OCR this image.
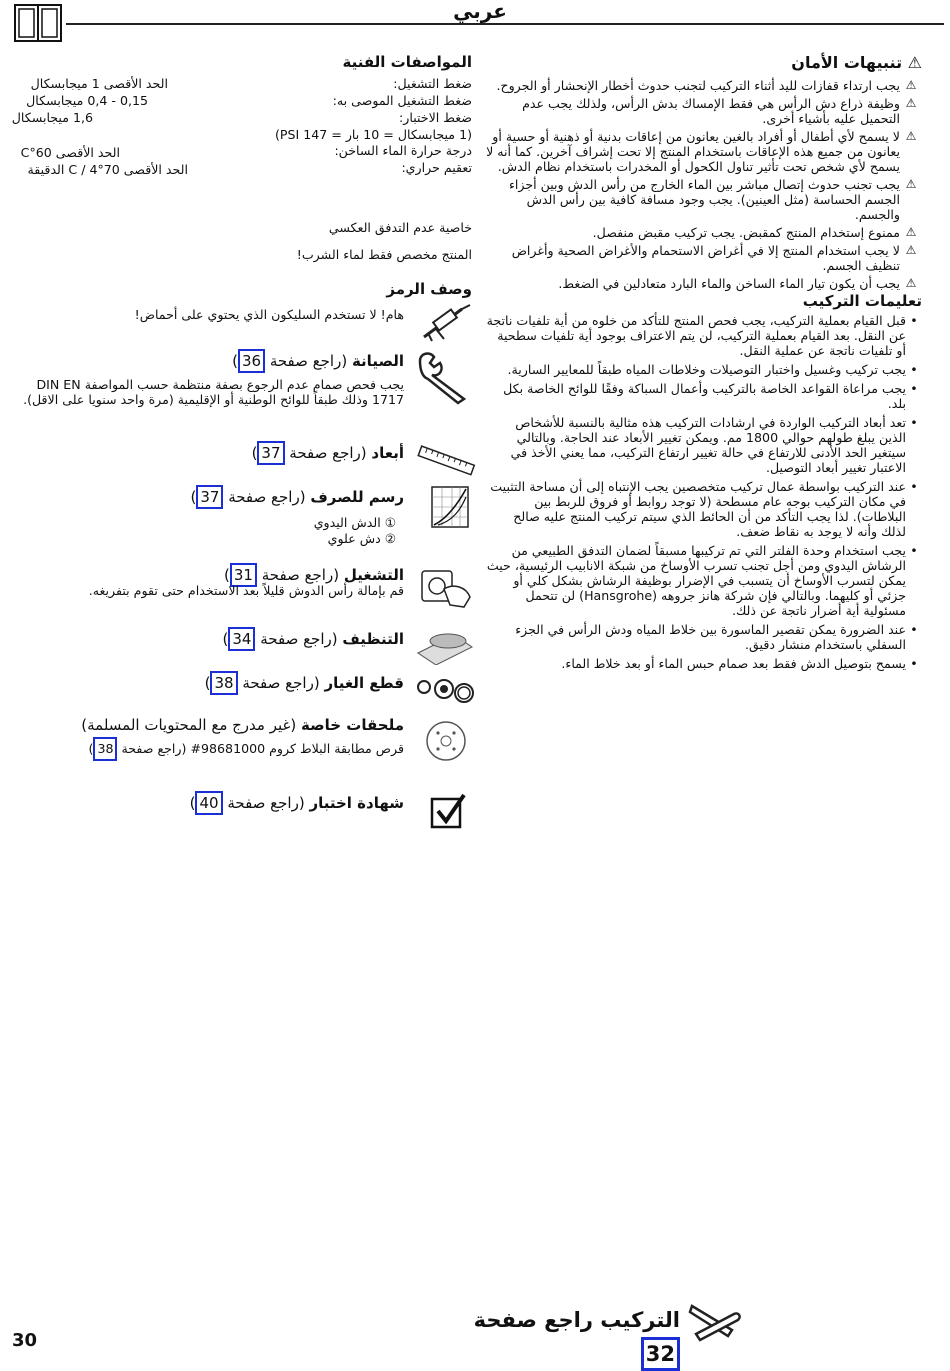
عربي
⚠ تنبيهات الأمان
⚠
يجب ارتداء قفازات لليد أثناء التركيب لتجنب حدوث أخطار الإنحشار أو الجروح.
⚠
وظيفة ذراع دش الرأس هي فقط الإمساك بدش الرأس، ولذلك يجب عدم التحميل عليه بأشياء أخرى.
⚠
لا يسمح لأي أطفال أو أفراد بالغين يعانون من إعاقات بدنية أو ذهنية أو حسية أو يعانون من جميع هذه الإعاقات باستخدام المنتج إلا تحت إشراف آخرين. كما أنه لا يسمح لأي شخص تحت تأثير تناول الكحول أو المخدرات باستخدام نظام الدش.
⚠
يجب تجنب حدوث إتصال مباشر بين الماء الخارج من رأس الدش وبين أجزاء الجسم الحساسة (مثل العينين). يجب وجود مسافة كافية بين رأس الدش والجسم.
⚠
ممنوع إستخدام المنتج كمقبض. يجب تركيب مقبض منفصل.
⚠
لا يجب استخدام المنتج إلا في أغراض الاستحمام والأغراض الصحية وأغراض تنظيف الجسم.
⚠
يجب أن يكون تيار الماء الساخن والماء البارد متعادلين في الضغط.
تعليمات التركيب
•
قبل القيام بعملية التركيب، يجب فحص المنتج للتأكد من خلوه من أية تلفيات ناتجة عن النقل. بعد القيام بعملية التركيب، لن يتم الاعتراف بوجود أية تلفيات سطحية أو تلفيات ناتجة عن عملية النقل.
•
يجب تركيب وغسيل واختبار التوصيلات وخلاطات المياه طبقاً للمعايير السارية.
•
يجب مراعاة القواعد الخاصة بالتركيب وأعمال السباكة وفقًا للوائح الخاصة بكل بلد.
•
تعد أبعاد التركيب الواردة في ارشادات التركيب هذه مثالية بالنسبة للأشخاص الذين يبلغ طولهم حوالي 1800 مم. ويمكن تغيير الأبعاد عند الحاجة. وبالتالي سيتغير الحد الأدنى للارتفاع في حالة تغيير ارتفاع التركيب، مما يعني الأخذ في الاعتبار تغيير أبعاد التوصيل.
•
عند التركيب بواسطة عمال تركيب متخصصين يجب الإنتباه إلى أن مساحة التثبيت في مكان التركيب بوجه عام مسطحة (لا توجد روابط أو فروق للربط بين البلاطات). لذا يجب التأكد من أن الحائط الذي سيتم تركيب المنتج عليه صالح لذلك وأنه لا يوجد به نقاط ضعف.
•
يجب استخدام وحدة الفلتر التي تم تركيبها مسبقاً لضمان التدفق الطبيعي من الرشاش اليدوي ومن أجل تجنب تسرب الأوساخ من شبكة الانابيب الرئيسية، حيث يمكن لتسرب الأوساخ أن يتسبب في الإضرار بوظيفة الرشاش بشكل كلي أو جزئي أو كليهما. وبالتالي فإن شركة هانز جروهه (Hansgrohe) لن تتحمل مسئولية أية أضرار ناتجة عن ذلك.
•
عند الضرورة يمكن تقصير الماسورة بين خلاط المياه ودش الرأس في الجزء السفلي باستخدام منشار دقيق.
•
يسمح بتوصيل الدش فقط بعد صمام حبس الماء أو بعد خلاط الماء.
المواصفات الفنية
ضغط التشغيل:
الحد الأقصى 1 ميجابسكال
ضغط التشغيل الموصى به:
0,15 - 0,4 ميجابسكال
ضغط الاختبار:
1,6 ميجابسكال
(1 ميجابسكال = 10 بار = 147 PSI)
درجة حرارة الماء الساخن:
الحد الأقصى 60°C
تعقيم حراري:
الحد الأقصى 70°C / 4 الدقيقة
خاصية عدم التدفق العكسي
المنتج مخصص فقط لماء الشرب!
وصف الرمز
هام! لا تستخدم السليكون الذي يحتوي على أحماض!
الصيانة (راجع صفحة 36)
يجب فحص صمام عدم الرجوع بصفة منتظمة حسب المواصفة DIN EN 1717 وذلك طبقاً للوائح الوطنية أو الإقليمية (مرة واحد سنويا على الاقل).
أبعاد (راجع صفحة 37)
رسم للصرف (راجع صفحة 37)
① الدش اليدوي
② دش علوي
التشغيل (راجع صفحة 31)
قم بإمالة رأس الدوش قليلاً بعد الاستخدام حتى تقوم بتفريغه.
التنظيف (راجع صفحة 34)
قطع الغيار (راجع صفحة 38)
ملحقات خاصة (غير مدرج مع المحتويات المسلمة)
قرص مطابقة البلاط كروم 98681000# (راجع صفحة 38)
شهادة اختبار (راجع صفحة 40)
30
التركيب راجع صفحة 32
